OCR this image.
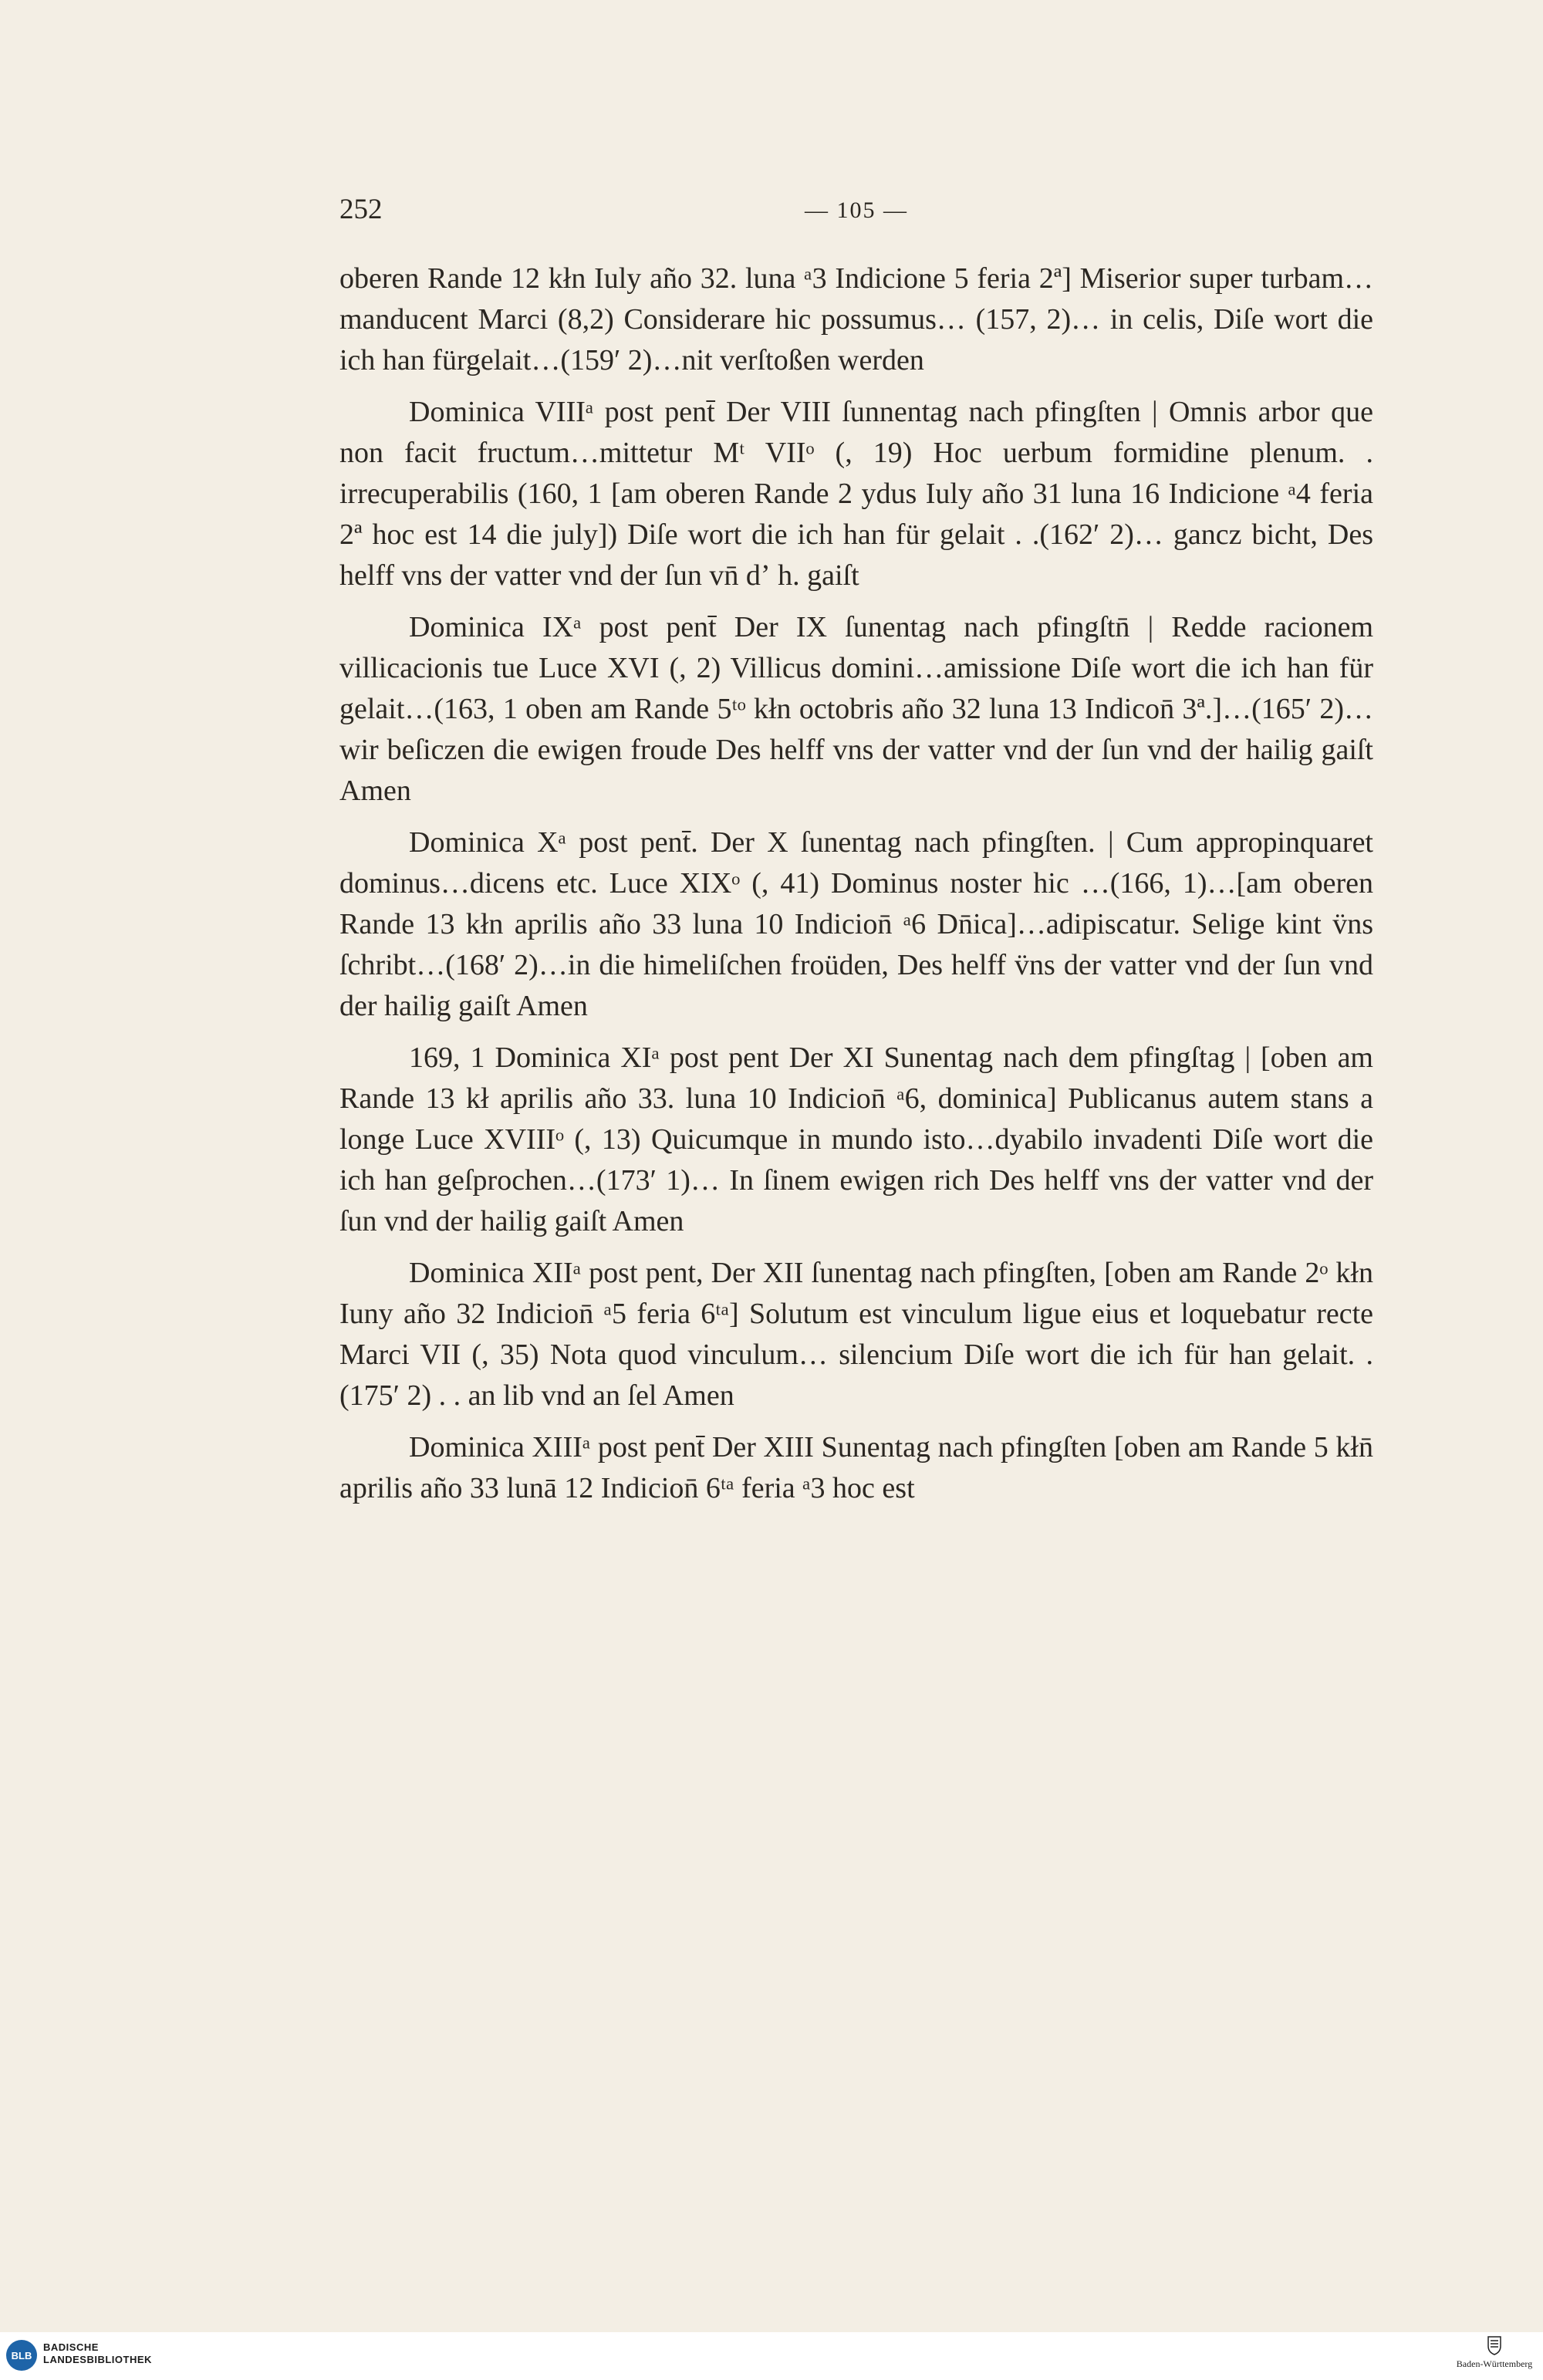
252	— 105 —

oberen Rande 12 kłn Iuly año 32. luna ᵃ3 Indicione 5 feria 2ª] Miserior super turbam…manducent Marci (8,2) Considerare hic possumus… (157, 2)… in celis, Diſe wort die ich han fürgelait…(159′ 2)…nit verſtoßen werden

Dominica VIIIᵃ post pent̄ Der VIII ſunnentag nach pfingſten | Omnis arbor que non facit fructum…mittetur Mᵗ VIIᵒ (, 19) Hoc uerbum formidine plenum. . irrecuperabilis (160, 1 [am oberen Rande 2 ydus Iuly año 31 luna 16 Indicione ᵃ4 feria 2ª hoc est 14 die july]) Diſe wort die ich han für gelait . .(162′ 2)… gancz bicht, Des helff vns der vatter vnd der ſun vn̄ dʼ h. gaiſt

Dominica IXᵃ post pent̄ Der IX ſunentag nach pfingſtn̄ | Redde racionem villicacionis tue Luce XVI (, 2) Villicus domini…amissione Diſe wort die ich han für gelait…(163, 1 oben am Rande 5ᵗᵒ kłn octobris año 32 luna 13 Indicon̄ 3ª.]…(165′ 2)…wir beſiczen die ewigen froude Des helff vns der vatter vnd der ſun vnd der hailig gaiſt Amen

Dominica Xᵃ post pent̄. Der X ſunentag nach pfingſten. | Cum appropinquaret dominus…dicens etc. Luce XIXᵒ (, 41) Dominus noster hic …(166, 1)…[am oberen Rande 13 kłn aprilis año 33 luna 10 Indicion̄ ᵃ6 Dn̄ica]…adipiscatur. Selige kint v̈ns ſchribt…(168′ 2)…in die himeliſchen froüden, Des helff v̈ns der vatter vnd der ſun vnd der hailig gaiſt Amen

169, 1 Dominica XIᵃ post pent Der XI Sunentag nach dem pfingſtag | [oben am Rande 13 kł aprilis año 33. luna 10 Indicion̄ ᵃ6, dominica] Publicanus autem stans a longe Luce XVIIIᵒ (, 13) Quicumque in mundo isto…dyabilo invadenti Diſe wort die ich han geſprochen…(173′ 1)… In ſinem ewigen rich Des helff vns der vatter vnd der ſun vnd der hailig gaiſt Amen

Dominica XIIᵃ post pent, Der XII ſunentag nach pfingſten, [oben am Rande 2ᵒ kłn Iuny año 32 Indicion̄ ᵃ5 feria 6ᵗᵃ] Solutum est vinculum ligue eius et loquebatur recte Marci VII (, 35) Nota quod vinculum… silencium Diſe wort die ich für han gelait. . (175′ 2) . . an lib vnd an ſel Amen

Dominica XIIIᵃ post pent̄ Der XIII Sunentag nach pfingſten [oben am Rande 5 kłn̄ aprilis año 33 lunā 12 Indicion̄ 6ᵗᵃ feria ᵃ3 hoc est

BLB
BADISCHE
LANDESBIBLIOTHEK	Baden-Württemberg
